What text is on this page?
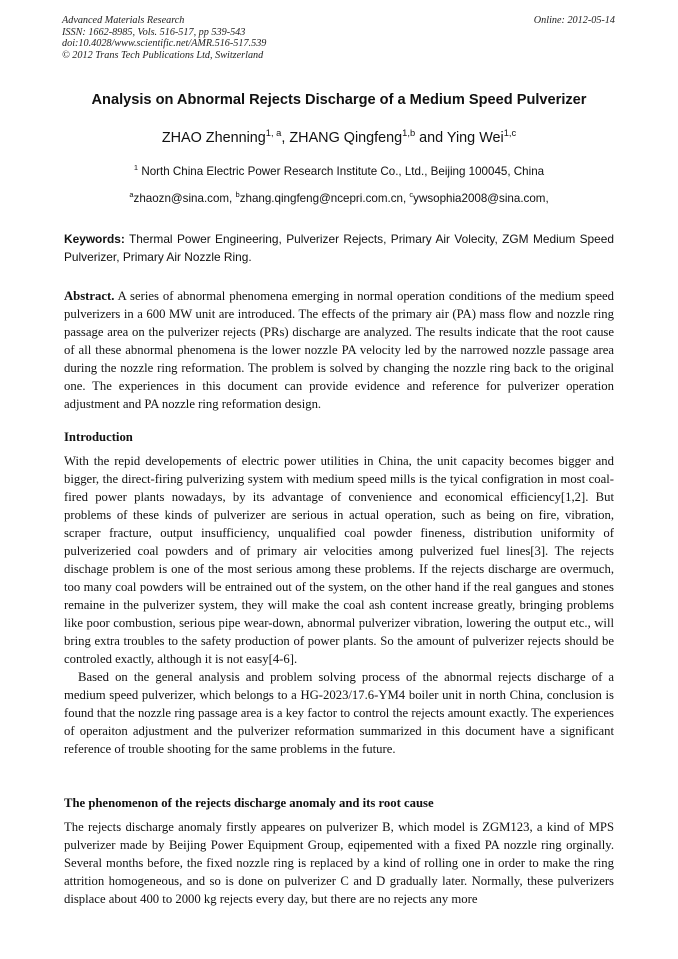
Advanced Materials Research
ISSN: 1662-8985, Vols. 516-517, pp 539-543
doi:10.4028/www.scientific.net/AMR.516-517.539
© 2012 Trans Tech Publications Ltd, Switzerland
Online: 2012-05-14
Analysis on Abnormal Rejects Discharge of a Medium Speed Pulverizer
ZHAO Zhenning$^{1, a}$, ZHANG Qingfeng$^{1,b}$ and Ying Wei$^{1,c}$
$^1$ North China Electric Power Research Institute Co., Ltd., Beijing 100045, China
$^a$zhaozn@sina.com, $^b$zhang.qingfeng@ncepri.com.cn, $^c$ywsophia2008@sina.com,
Keywords: Thermal Power Engineering, Pulverizer Rejects, Primary Air Volecity, ZGM Medium Speed Pulverizer, Primary Air Nozzle Ring.
Abstract. A series of abnormal phenomena emerging in normal operation conditions of the medium speed pulverizers in a 600 MW unit are introduced. The effects of the primary air (PA) mass flow and nozzle ring passage area on the pulverizer rejects (PRs) discharge are analyzed. The results indicate that the root cause of all these abnormal phenomena is the lower nozzle PA velocity led by the narrowed nozzle passage area during the nozzle ring reformation. The problem is solved by changing the nozzle ring back to the original one. The experiences in this document can provide evidence and reference for pulverizer operation adjustment and PA nozzle ring reformation design.
Introduction

With the repid developements of electric power utilities in China, the unit capacity becomes bigger and bigger, the direct-firing pulverizing system with medium speed mills is the tyical configration in most coal-fired power plants nowadays, by its advantage of convenience and economical efficiency[1,2]. But problems of these kinds of pulverizer are serious in actual operation, such as being on fire, vibration, scraper fracture, output insufficiency, unqualified coal powder fineness, distribution uniformity of pulverizeried coal powders and of primary air velocities among pulverized fuel lines[3]. The rejects dischage problem is one of the most serious among these problems. If the rejects discharge are overmuch, too many coal powders will be entrained out of the system, on the other hand if the real gangues and stones remaine in the pulverizer system, they will make the coal ash content increase greatly, bringing problems like poor combustion, serious pipe wear-down, abnormal pulverizer vibration, lowering the output etc., will bring extra troubles to the safety production of power plants. So the amount of pulverizer rejects should be controled exactly, although it is not easy[4-6].

Based on the general analysis and problem solving process of the abnormal rejects discharge of a medium speed pulverizer, which belongs to a HG-2023/17.6-YM4 boiler unit in north China, conclusion is found that the nozzle ring passage area is a key factor to control the rejects amount exactly. The experiences of operaiton adjustment and the pulverizer reformation summarized in this document have a significant reference of trouble shooting for the same problems in the future.

The phenomenon of the rejects discharge anomaly and its root cause

The rejects discharge anomaly firstly appeares on pulverizer B, which model is ZGM123, a kind of MPS pulverizer made by Beijing Power Equipment Group, eqipemented with a fixed PA nozzle ring orginally. Several months before, the fixed nozzle ring is replaced by a kind of rolling one in order to make the ring attrition homogeneous, and so is done on pulverizer C and D gradually later. Normally, these pulverizers displace about 400 to 2000 kg rejects every day, but there are no rejects any more
